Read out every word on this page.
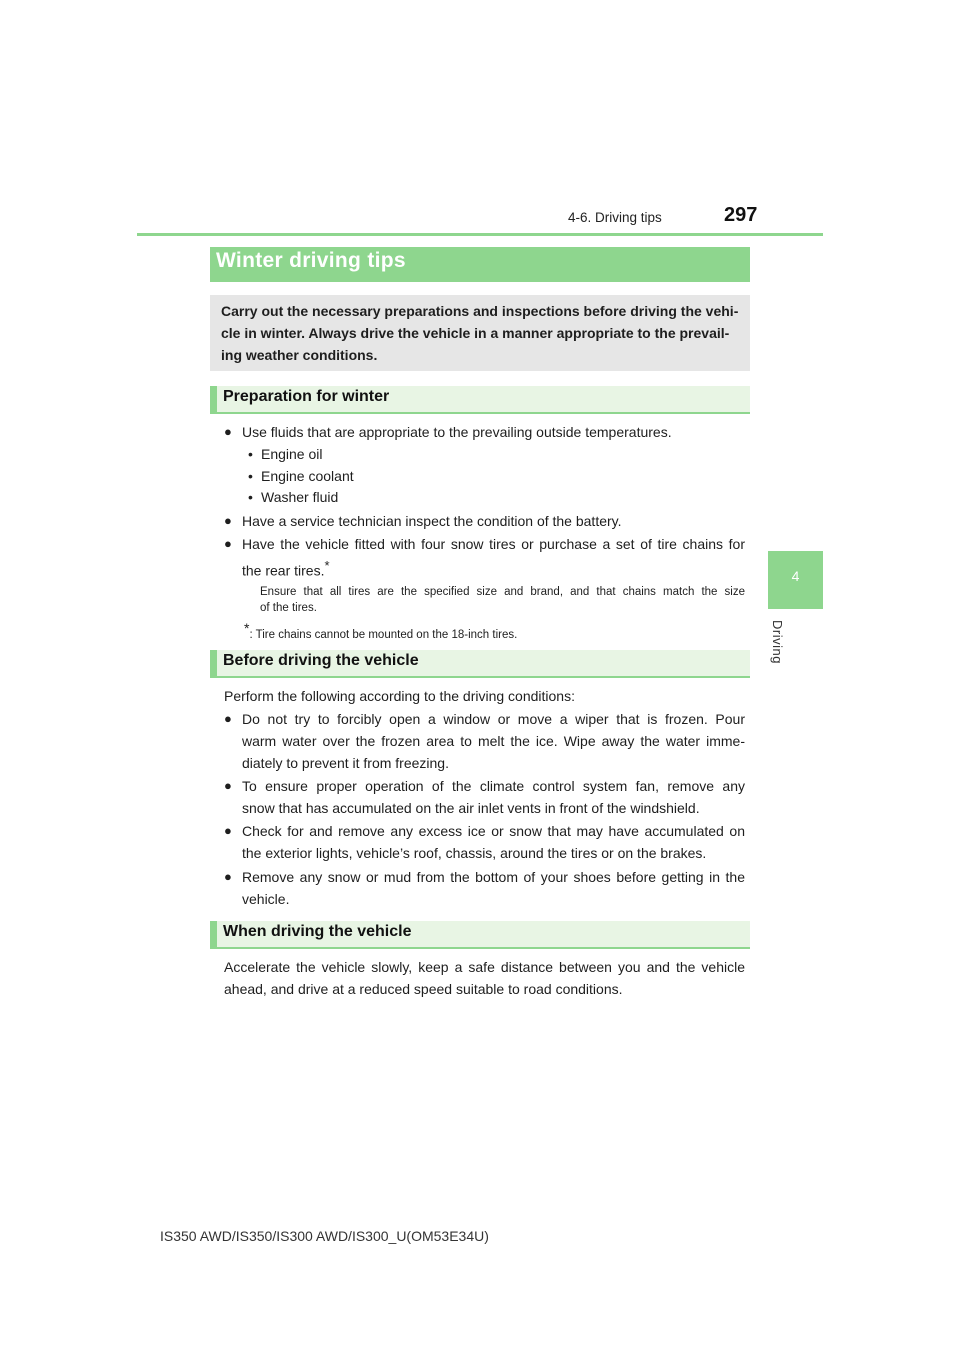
4-6. Driving tips	297
4
Driving
Winter driving tips
Carry out the necessary preparations and inspections before driving the vehi-
cle in winter. Always drive the vehicle in a manner appropriate to the prevail-
ing weather conditions.
Preparation for winter
● Use fluids that are appropriate to the prevailing outside temperatures.
• Engine oil
• Engine coolant
• Washer fluid
● Have a service technician inspect the condition of the battery.
● Have the vehicle fitted with four snow tires or purchase a set of tire chains for
the rear tires.*
Ensure that all tires are the specified size and brand, and that chains match the size
of the tires.
*: Tire chains cannot be mounted on the 18-inch tires.
Before driving the vehicle
Perform the following according to the driving conditions:
● Do not try to forcibly open a window or move a wiper that is frozen. Pour
warm water over the frozen area to melt the ice. Wipe away the water imme-
diately to prevent it from freezing.
● To ensure proper operation of the climate control system fan, remove any
snow that has accumulated on the air inlet vents in front of the windshield.
● Check for and remove any excess ice or snow that may have accumulated on
the exterior lights, vehicle’s roof, chassis, around the tires or on the brakes.
● Remove any snow or mud from the bottom of your shoes before getting in the
vehicle.
When driving the vehicle
Accelerate the vehicle slowly, keep a safe distance between you and the vehicle
ahead, and drive at a reduced speed suitable to road conditions.
IS350 AWD/IS350/IS300 AWD/IS300_U(OM53E34U)
